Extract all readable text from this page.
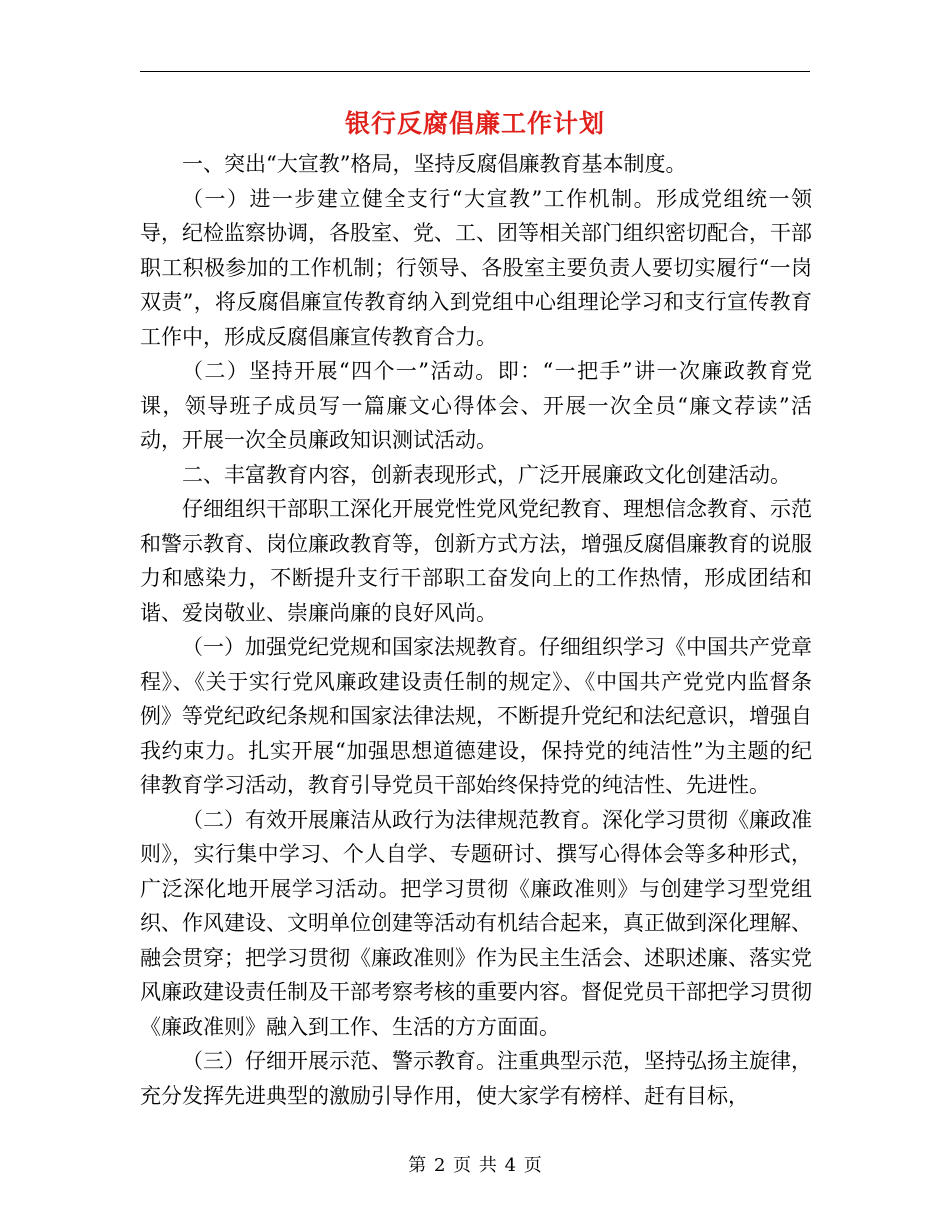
银行反腐倡廉工作计划

一、突出“大宣教”格局，坚持反腐倡廉教育基本制度。

（一）进一步建立健全支行“大宣教”工作机制。形成党组统一领导，纪检监察协调，各股室、党、工、团等相关部门组织密切配合，干部职工积极参加的工作机制；行领导、各股室主要负责人要切实履行“一岗双责”，将反腐倡廉宣传教育纳入到党组中心组理论学习和支行宣传教育工作中，形成反腐倡廉宣传教育合力。

（二）坚持开展“四个一”活动。即：“一把手”讲一次廉政教育党课，领导班子成员写一篇廉文心得体会、开展一次全员“廉文荐读”活动，开展一次全员廉政知识测试活动。

二、丰富教育内容，创新表现形式，广泛开展廉政文化创建活动。

仔细组织干部职工深化开展党性党风党纪教育、理想信念教育、示范和警示教育、岗位廉政教育等，创新方式方法，增强反腐倡廉教育的说服力和感染力，不断提升支行干部职工奋发向上的工作热情，形成团结和谐、爱岗敬业、崇廉尚廉的良好风尚。

（一）加强党纪党规和国家法规教育。仔细组织学习《中国共产党章程》、《关于实行党风廉政建设责任制的规定》、《中国共产党党内监督条例》等党纪政纪条规和国家法律法规，不断提升党纪和法纪意识，增强自我约束力。扎实开展“加强思想道德建设，保持党的纯洁性”为主题的纪律教育学习活动，教育引导党员干部始终保持党的纯洁性、先进性。

（二）有效开展廉洁从政行为法律规范教育。深化学习贯彻《廉政准则》，实行集中学习、个人自学、专题研讨、撰写心得体会等多种形式，广泛深化地开展学习活动。把学习贯彻《廉政准则》与创建学习型党组织、作风建设、文明单位创建等活动有机结合起来，真正做到深化理解、融会贯穿；把学习贯彻《廉政准则》作为民主生活会、述职述廉、落实党风廉政建设责任制及干部考察考核的重要内容。督促党员干部把学习贯彻《廉政准则》融入到工作、生活的方方面面。

（三）仔细开展示范、警示教育。注重典型示范，坚持弘扬主旋律，充分发挥先进典型的激励引导作用，使大家学有榜样、赶有目标，

第 2 页 共 4 页
